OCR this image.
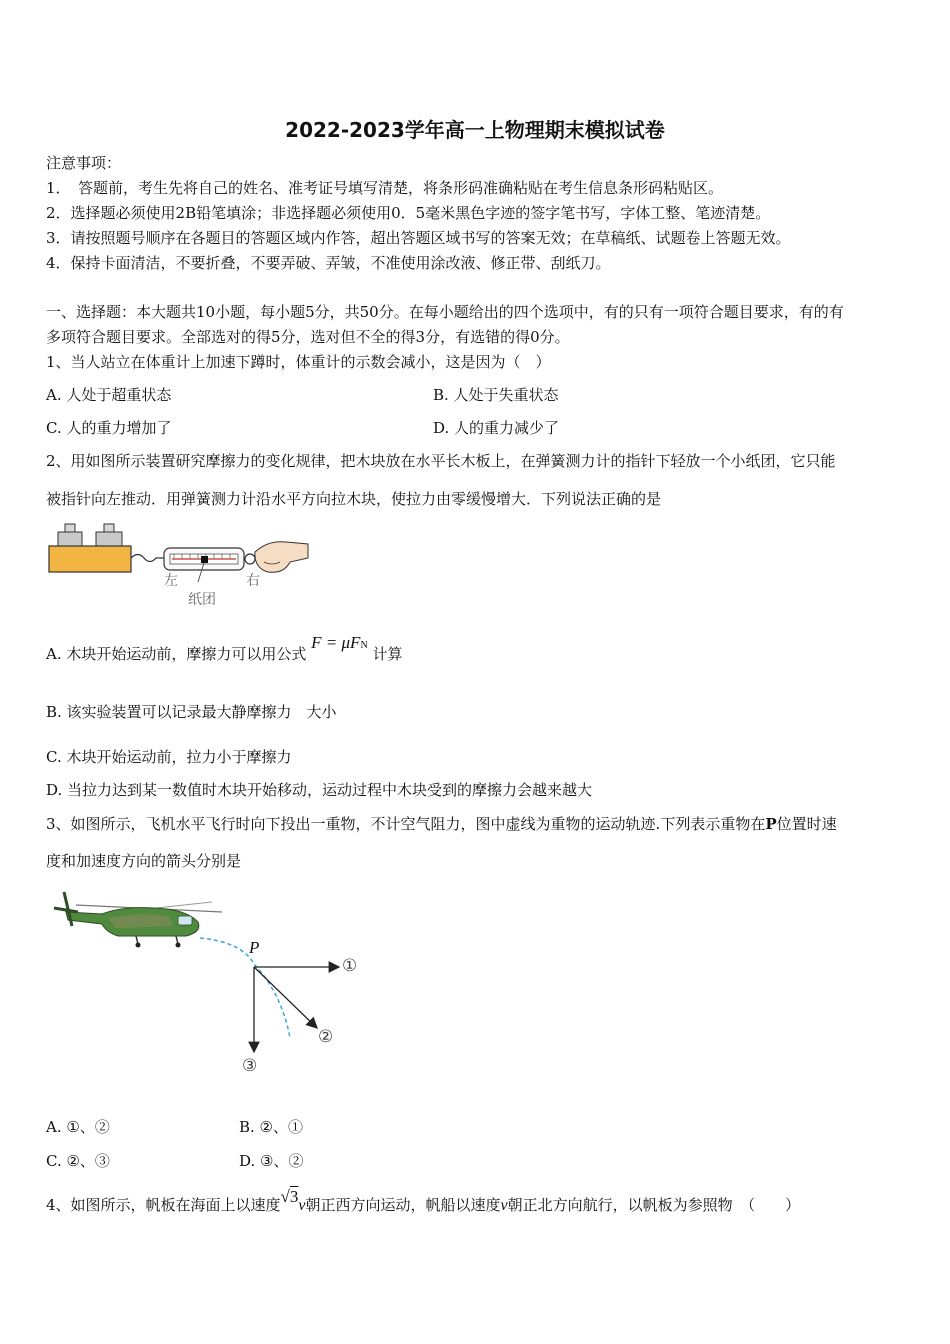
2022-2023学年高一上物理期末模拟试卷
注意事项：
1．　答题前，考生先将自己的姓名、准考证号填写清楚，将条形码准确粘贴在考生信息条形码粘贴区。
2．选择题必须使用2B铅笔填涂；非选择题必须使用0．5毫米黑色字迹的签字笔书写，字体工整、笔迹清楚。
3．请按照题号顺序在各题目的答题区域内作答，超出答题区域书写的答案无效；在草稿纸、试题卷上答题无效。
4．保持卡面清洁，不要折叠，不要弄破、弄皱，不准使用涂改液、修正带、刮纸刀。
一、选择题：本大题共10小题，每小题5分，共50分。在每小题给出的四个选项中，有的只有一项符合题目要求，有的有
多项符合题目要求。全部选对的得5分，选对但不全的得3分，有选错的得0分。
1、当人站立在体重计上加速下蹲时，体重计的示数会减小，这是因为（　）
A. 人处于超重状态	B. 人处于失重状态
C. 人的重力增加了	D. 人的重力减少了
2、用如图所示装置研究摩擦力的变化规律，把木块放在水平长木板上，在弹簧测力计的指针下轻放一个小纸团，它只能
被指针向左推动．用弹簧测力计沿水平方向拉木块，使拉力由零缓慢增大．下列说法正确的是
左	右
纸团
A. 木块开始运动前，摩擦力可以用公式 F = μFN 计算
B. 该实验装置可以记录最大静摩擦力　大小
C. 木块开始运动前，拉力小于摩擦力
D. 当拉力达到某一数值时木块开始移动，运动过程中木块受到的摩擦力会越来越大
3、如图所示，飞机水平飞行时向下投出一重物，不计空气阻力，图中虚线为重物的运动轨迹.下列表示重物在P位置时速
度和加速度方向的箭头分别是
P
①
②
③
A. ①、②	B. ②、①
C. ②、③	D. ③、②
4、如图所示，帆板在海面上以速度√3v朝正西方向运动，帆船以速度v朝正北方向航行，以帆板为参照物　（　　）
